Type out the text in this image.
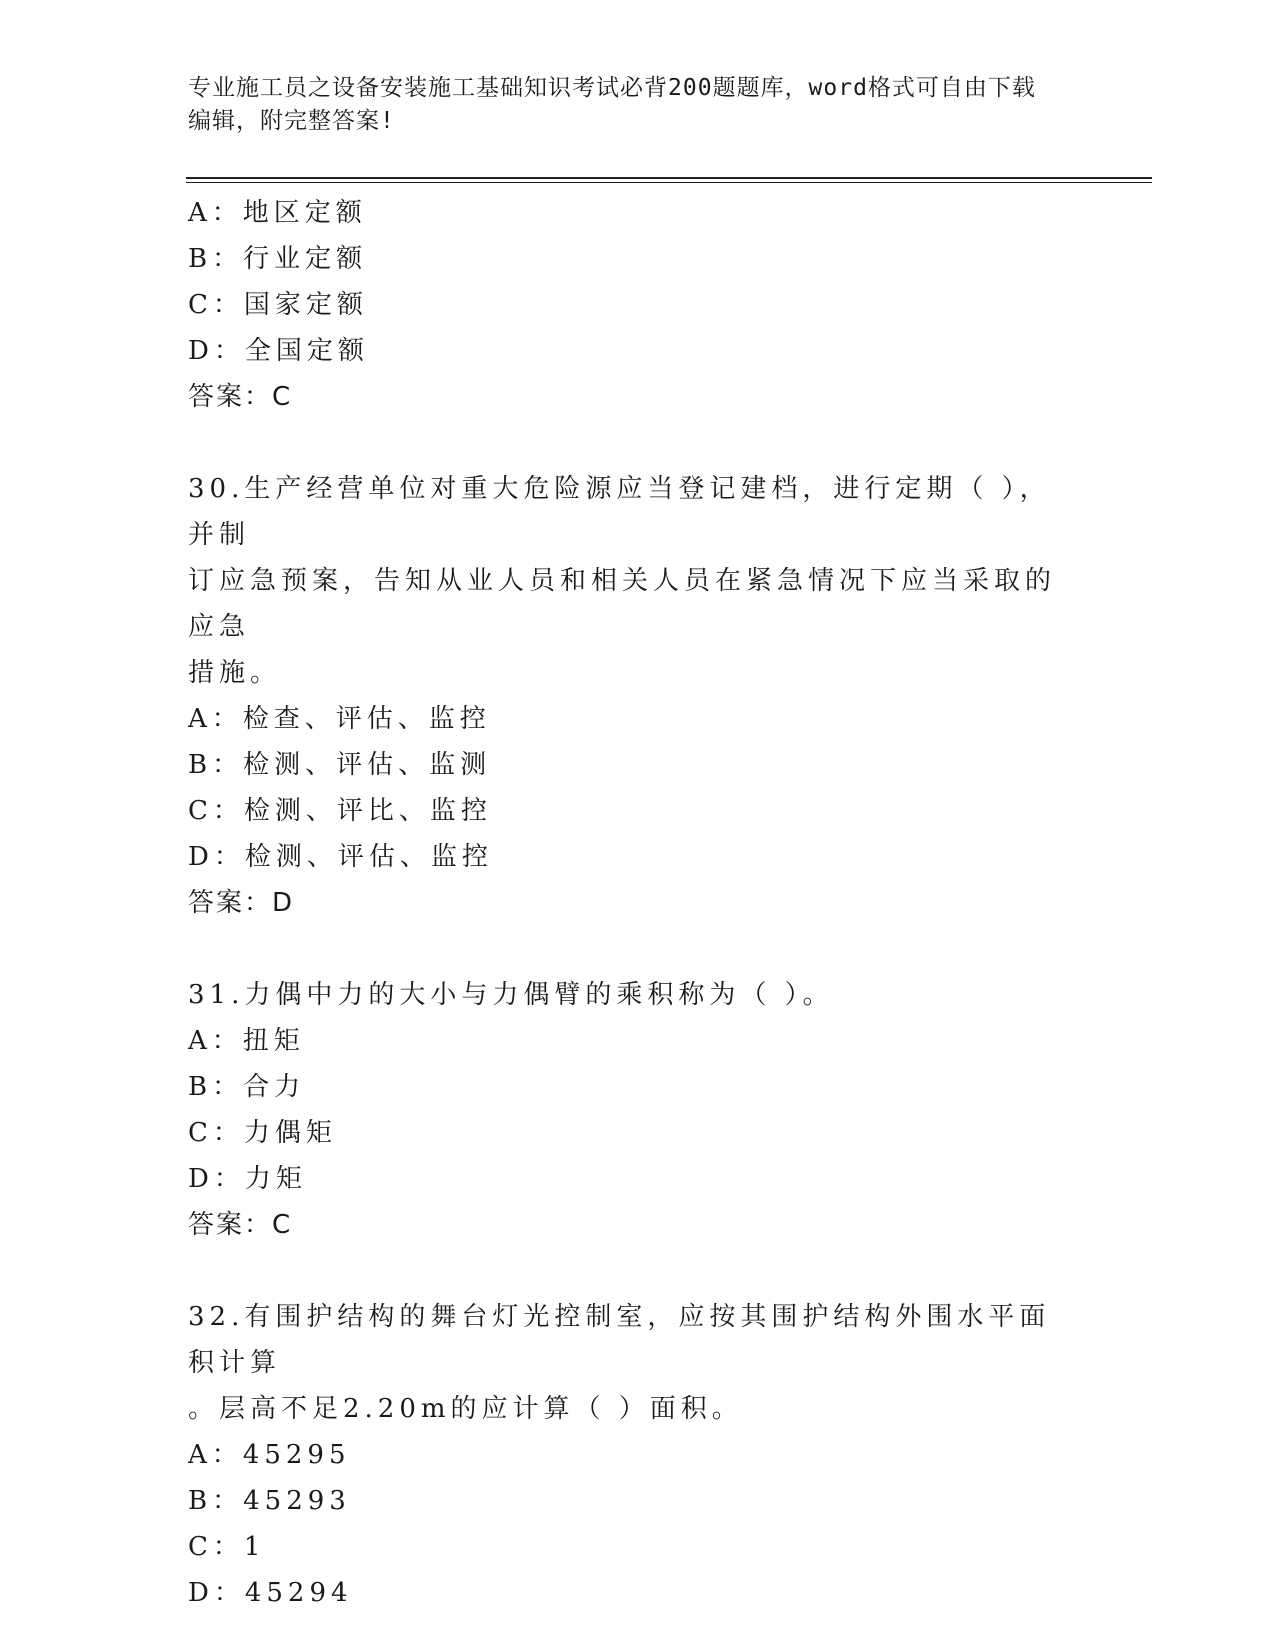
专业施工员之设备安装施工基础知识考试必背200题题库，word格式可自由下载
编辑，附完整答案!
A：地区定额
B：行业定额
C：国家定额
D：全国定额
答案：C
30.生产经营单位对重大危险源应当登记建档，进行定期（ ），并制
订应急预案，告知从业人员和相关人员在紧急情况下应当采取的应急
措施。
A：检查、评估、监控
B：检测、评估、监测
C：检测、评比、监控
D：检测、评估、监控
答案：D
31.力偶中力的大小与力偶臂的乘积称为（ ）。
A：扭矩
B：合力
C：力偶矩
D：力矩
答案：C
32.有围护结构的舞台灯光控制室，应按其围护结构外围水平面积计算
。层高不足2.20m的应计算（ ）面积。
A：45295
B：45293
C：1
D：45294
